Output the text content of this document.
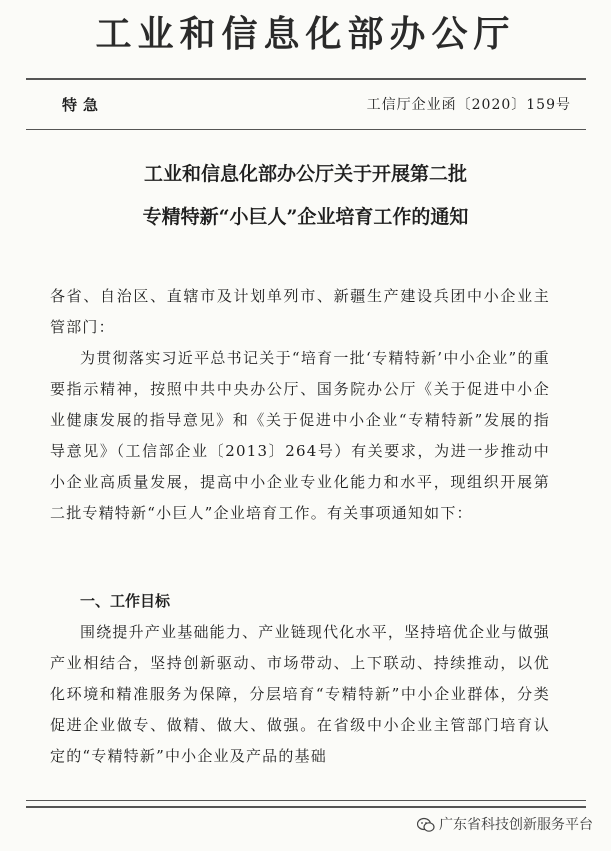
工业和信息化部办公厅
特急	工信厅企业函〔2020〕159号
工业和信息化部办公厅关于开展第二批
专精特新“小巨人”企业培育工作的通知

各省、自治区、直辖市及计划单列市、新疆生产建设兵团中小企业主管部门：

为贯彻落实习近平总书记关于“培育一批‘专精特新’中小企业”的重要指示精神，按照中共中央办公厅、国务院办公厅《关于促进中小企业健康发展的指导意见》和《关于促进中小企业“专精特新”发展的指导意见》（工信部企业〔2013〕264号）有关要求，为进一步推动中小企业高质量发展，提高中小企业专业化能力和水平，现组织开展第二批专精特新“小巨人”企业培育工作。有关事项通知如下：

一、工作目标

围绕提升产业基础能力、产业链现代化水平，坚持培优企业与做强产业相结合，坚持创新驱动、市场带动、上下联动、持续推动，以优化环境和精准服务为保障，分层培育“专精特新”中小企业群体，分类促进企业做专、做精、做大、做强。在省级中小企业主管部门培育认定的“专精特新”中小企业及产品的基础

广东省科技创新服务平台
